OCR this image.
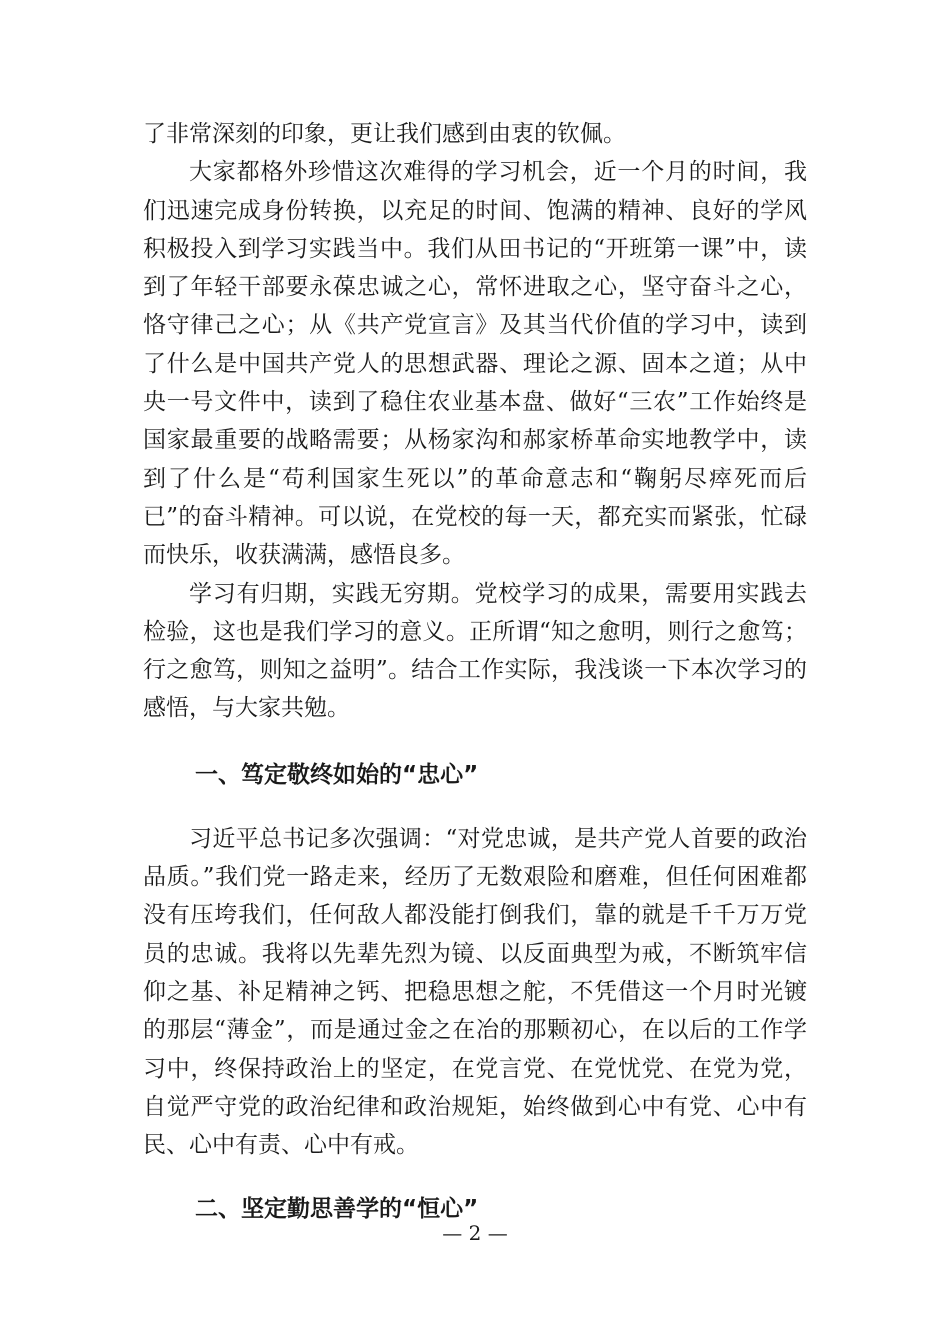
了非常深刻的印象，更让我们感到由衷的钦佩。

大家都格外珍惜这次难得的学习机会，近一个月的时间，我们迅速完成身份转换，以充足的时间、饱满的精神、良好的学风积极投入到学习实践当中。我们从田书记的“开班第一课”中，读到了年轻干部要永葆忠诚之心，常怀进取之心，坚守奋斗之心，恪守律己之心；从《共产党宣言》及其当代价值的学习中，读到了什么是中国共产党人的思想武器、理论之源、固本之道；从中央一号文件中，读到了稳住农业基本盘、做好“三农”工作始终是国家最重要的战略需要；从杨家沟和郝家桥革命实地教学中，读到了什么是“苟利国家生死以”的革命意志和“鞠躬尽瘁死而后已”的奋斗精神。可以说，在党校的每一天，都充实而紧张，忙碌而快乐，收获满满，感悟良多。

学习有归期，实践无穷期。党校学习的成果，需要用实践去检验，这也是我们学习的意义。正所谓“知之愈明，则行之愈笃；行之愈笃，则知之益明”。结合工作实际，我浅谈一下本次学习的感悟，与大家共勉。

一、笃定敬终如始的“忠心”

习近平总书记多次强调：“对党忠诚，是共产党人首要的政治品质。”我们党一路走来，经历了无数艰险和磨难，但任何困难都没有压垮我们，任何敌人都没能打倒我们，靠的就是千千万万党员的忠诚。我将以先辈先烈为镜、以反面典型为戒，不断筑牢信仰之基、补足精神之钙、把稳思想之舵，不凭借这一个月时光镀的那层“薄金”，而是通过金之在冶的那颗初心，在以后的工作学习中，终保持政治上的坚定，在党言党、在党忧党、在党为党，自觉严守党的政治纪律和政治规矩，始终做到心中有党、心中有民、心中有责、心中有戒。

二、坚定勤思善学的“恒心”
— 2 —
